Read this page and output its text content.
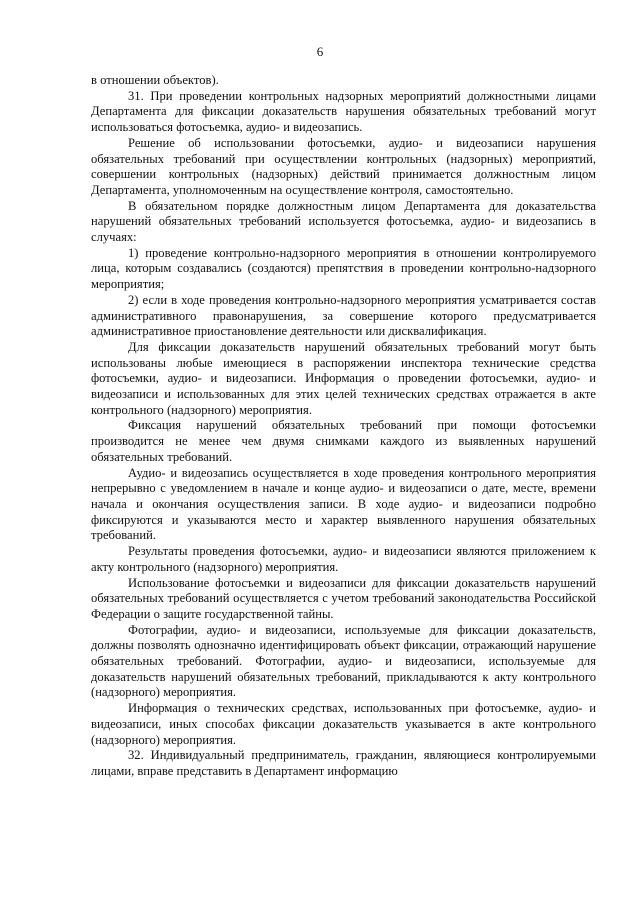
6

в отношении объектов).

31. При проведении контрольных надзорных мероприятий должностными лицами Департамента для фиксации доказательств нарушения обязательных требований могут использоваться фотосъемка, аудио- и видеозапись.

Решение об использовании фотосъемки, аудио- и видеозаписи нарушения обязательных требований при осуществлении контрольных (надзорных) мероприятий, совершении контрольных (надзорных) действий принимается должностным лицом Департамента, уполномоченным на осуществление контроля, самостоятельно.

В обязательном порядке должностным лицом Департамента для доказательства нарушений обязательных требований используется фотосъемка, аудио- и видеозапись в случаях:

1) проведение контрольно-надзорного мероприятия в отношении контролируемого лица, которым создавались (создаются) препятствия в проведении контрольно-надзорного мероприятия;

2) если в ходе проведения контрольно-надзорного мероприятия усматривается состав административного правонарушения, за совершение которого предусматривается административное приостановление деятельности или дисквалификация.

Для фиксации доказательств нарушений обязательных требований могут быть использованы любые имеющиеся в распоряжении инспектора технические средства фотосъемки, аудио- и видеозаписи. Информация о проведении фотосъемки, аудио- и видеозаписи и использованных для этих целей технических средствах отражается в акте контрольного (надзорного) мероприятия.

Фиксация нарушений обязательных требований при помощи фотосъемки производится не менее чем двумя снимками каждого из выявленных нарушений обязательных требований.

Аудио- и видеозапись осуществляется в ходе проведения контрольного мероприятия непрерывно с уведомлением в начале и конце аудио- и видеозаписи о дате, месте, времени начала и окончания осуществления записи. В ходе аудио- и видеозаписи подробно фиксируются и указываются место и характер выявленного нарушения обязательных требований.

Результаты проведения фотосъемки, аудио- и видеозаписи являются приложением к акту контрольного (надзорного) мероприятия.

Использование фотосъемки и видеозаписи для фиксации доказательств нарушений обязательных требований осуществляется с учетом требований законодательства Российской Федерации о защите государственной тайны.

Фотографии, аудио- и видеозаписи, используемые для фиксации доказательств, должны позволять однозначно идентифицировать объект фиксации, отражающий нарушение обязательных требований. Фотографии, аудио- и видеозаписи, используемые для доказательств нарушений обязательных требований, прикладываются к акту контрольного (надзорного) мероприятия.

Информация о технических средствах, использованных при фотосъемке, аудио- и видеозаписи, иных способах фиксации доказательств указывается в акте контрольного (надзорного) мероприятия.

32. Индивидуальный предприниматель, гражданин, являющиеся контролируемыми лицами, вправе представить в Департамент информацию
